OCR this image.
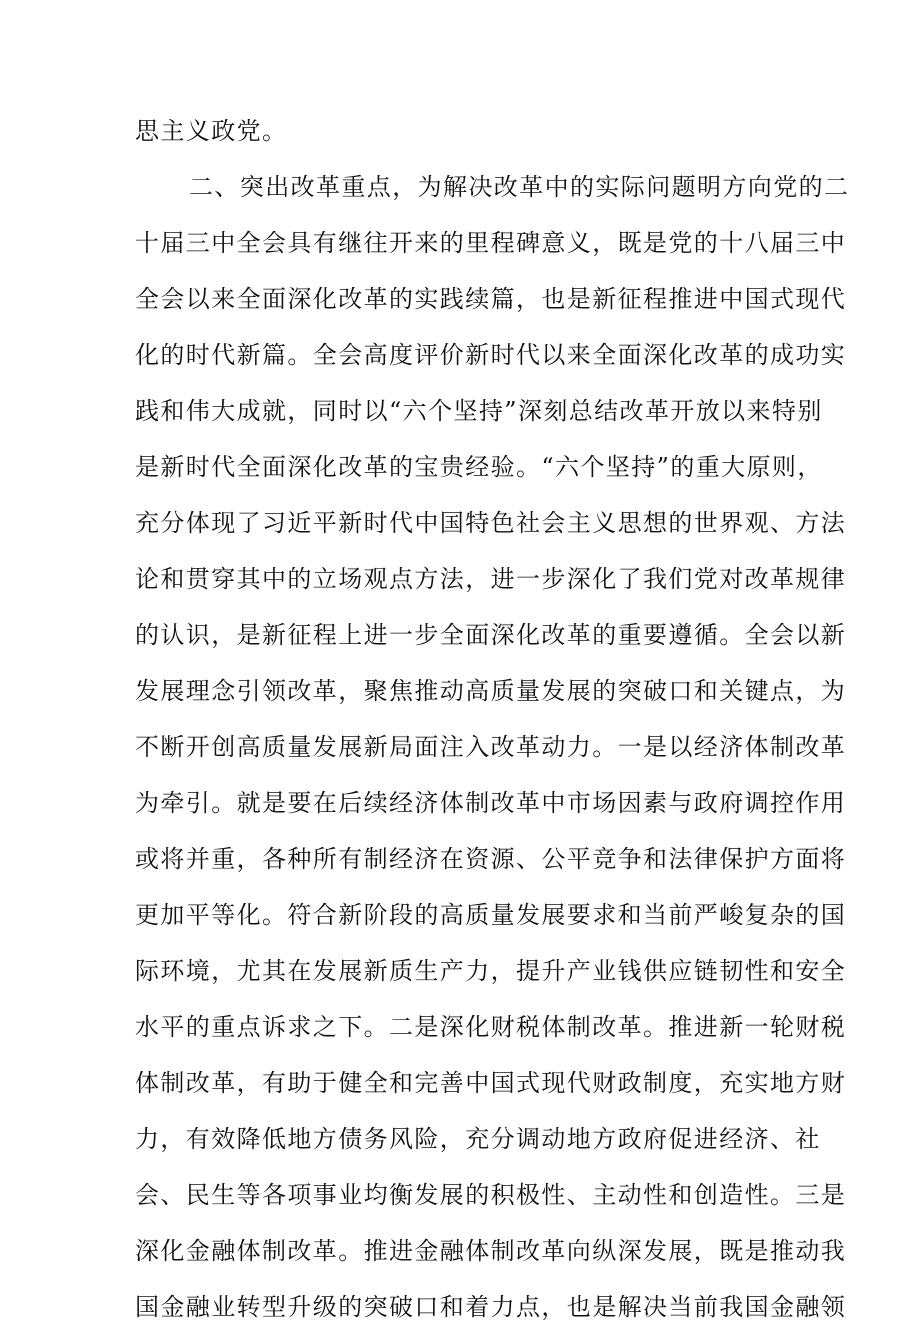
思主义政党。
二、突出改革重点，为解决改革中的实际问题明方向党的二
十届三中全会具有继往开来的里程碑意义，既是党的十八届三中
全会以来全面深化改革的实践续篇，也是新征程推进中国式现代
化的时代新篇。全会高度评价新时代以来全面深化改革的成功实
践和伟大成就，同时以“六个坚持”深刻总结改革开放以来特别
是新时代全面深化改革的宝贵经验。“六个坚持”的重大原则，
充分体现了习近平新时代中国特色社会主义思想的世界观、方法
论和贯穿其中的立场观点方法，进一步深化了我们党对改革规律
的认识，是新征程上进一步全面深化改革的重要遵循。全会以新
发展理念引领改革，聚焦推动高质量发展的突破口和关键点，为
不断开创高质量发展新局面注入改革动力。一是以经济体制改革
为牵引。就是要在后续经济体制改革中市场因素与政府调控作用
或将并重，各种所有制经济在资源、公平竞争和法律保护方面将
更加平等化。符合新阶段的高质量发展要求和当前严峻复杂的国
际环境，尤其在发展新质生产力，提升产业钱供应链韧性和安全
水平的重点诉求之下。二是深化财税体制改革。推进新一轮财税
体制改革，有助于健全和完善中国式现代财政制度，充实地方财
力，有效降低地方债务风险，充分调动地方政府促进经济、社
会、民生等各项事业均衡发展的积极性、主动性和创造性。三是
深化金融体制改革。推进金融体制改革向纵深发展，既是推动我
国金融业转型升级的突破口和着力点，也是解决当前我国金融领
